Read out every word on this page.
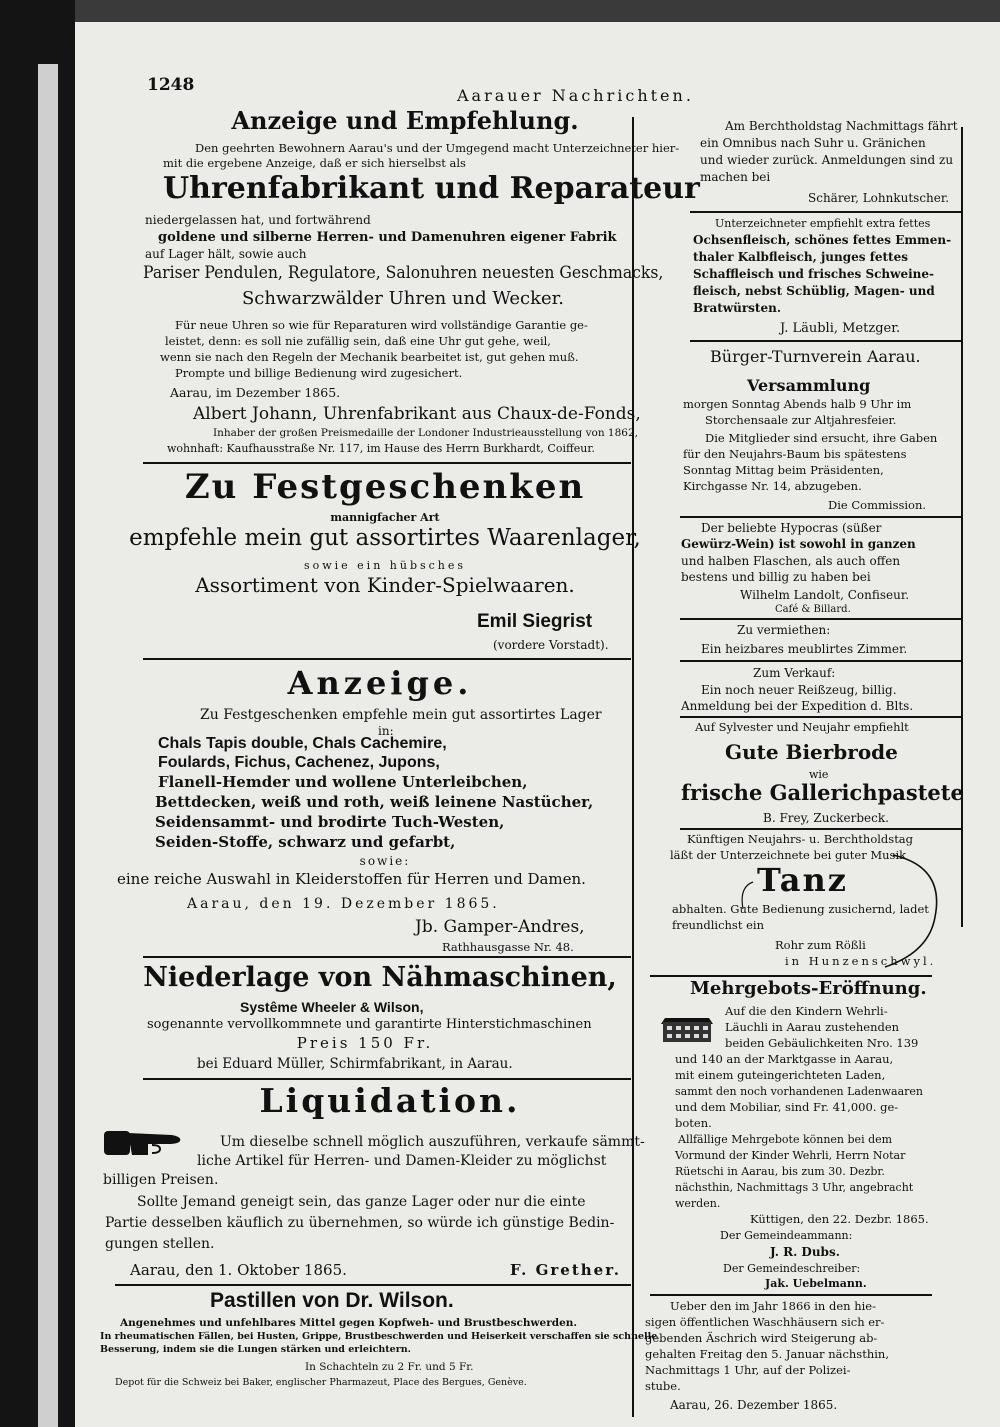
1248
Aarauer Nachrichten.
Anzeige und Empfehlung.
Den geehrten Bewohnern Aarau's und der Umgegend macht Unterzeichneter hier-
mit die ergebene Anzeige, daß er sich hierselbst als
Uhrenfabrikant und Reparateur
niedergelassen hat, und fortwährend
goldene und silberne Herren- und Damenuhren eigener Fabrik
auf Lager hält, sowie auch
Pariser Pendulen, Regulatore, Salonuhren neuesten Geschmacks,
Schwarzwälder Uhren und Wecker.
Für neue Uhren so wie für Reparaturen wird vollständige Garantie ge-
leistet, denn: es soll nie zufällig sein, daß eine Uhr gut gehe, weil,
wenn sie nach den Regeln der Mechanik bearbeitet ist, gut gehen muß.
Prompte und billige Bedienung wird zugesichert.
Aarau, im Dezember 1865.
Albert Johann, Uhrenfabrikant aus Chaux-de-Fonds,
Inhaber der großen Preismedaille der Londoner Industrieausstellung von 1862,
wohnhaft: Kaufhausstraße Nr. 117, im Hause des Herrn Burkhardt, Coiffeur.
Zu Festgeschenken
mannigfacher Art
empfehle mein gut assortirtes Waarenlager,
sowie ein hübsches
Assortiment von Kinder-Spielwaaren.
Emil Siegrist
(vordere Vorstadt).
Anzeige.
Zu Festgeschenken empfehle mein gut assortirtes Lager
in:
Chals Tapis double, Chals Cachemire,
Foulards, Fichus, Cachenez, Jupons,
Flanell-Hemder und wollene Unterleibchen,
Bettdecken, weiß und roth, weiß leinene Nastücher,
Seidensammt- und brodirte Tuch-Westen,
Seiden-Stoffe, schwarz und gefarbt,
sowie:
eine reiche Auswahl in Kleiderstoffen für Herren und Damen.
Aarau, den 19. Dezember 1865.
Jb. Gamper-Andres,
Rathhausgasse Nr. 48.
Niederlage von Nähmaschinen,
Systême Wheeler & Wilson,
sogenannte vervollkommnete und garantirte Hinterstichmaschinen
Preis 150 Fr.
bei Eduard Müller, Schirmfabrikant, in Aarau.
Liquidation.
Um dieselbe schnell möglich auszuführen, verkaufe sämmt-
liche Artikel für Herren- und Damen-Kleider zu möglichst
billigen Preisen.
Sollte Jemand geneigt sein, das ganze Lager oder nur die einte
Partie desselben käuflich zu übernehmen, so würde ich günstige Bedin-
gungen stellen.
Aarau, den 1. Oktober 1865.	F. Grether.
Pastillen von Dr. Wilson.
Angenehmes und unfehlbares Mittel gegen Kopfweh- und Brustbeschwerden.
In rheumatischen Fällen, bei Husten, Grippe, Brustbeschwerden und Heiserkeit verschaffen sie schnelle
Besserung, indem sie die Lungen stärken und erleichtern.
In Schachteln zu 2 Fr. und 5 Fr.
Depot für die Schweiz bei Baker, englischer Pharmazeut, Place des Bergues, Genève.
Am Berchtholdstag Nachmittags fährt
ein Omnibus nach Suhr u. Gränichen
und wieder zurück. Anmeldungen sind zu
machen bei
Schärer, Lohnkutscher.
Unterzeichneter empfiehlt extra fettes
Ochsenfleisch, schönes fettes Emmen-
thaler Kalbfleisch, junges fettes
Schaffleisch und frisches Schweine-
fleisch, nebst Schüblig, Magen- und
Bratwürsten.
J. Läubli, Metzger.
Bürger-Turnverein Aarau.
Versammlung
morgen Sonntag Abends halb 9 Uhr im
Storchensaale zur Altjahresfeier.
Die Mitglieder sind ersucht, ihre Gaben
für den Neujahrs-Baum bis spätestens
Sonntag Mittag beim Präsidenten,
Kirchgasse Nr. 14, abzugeben.
Die Commission.
Der beliebte Hypocras (süßer
Gewürz-Wein) ist sowohl in ganzen
und halben Flaschen, als auch offen
bestens und billig zu haben bei
Wilhelm Landolt, Confiseur.
Café & Billard.
Zu vermiethen:
Ein heizbares meublirtes Zimmer.
Zum Verkauf:
Ein noch neuer Reißzeug, billig.
Anmeldung bei der Expedition d. Blts.
Auf Sylvester und Neujahr empfiehlt
Gute Bierbrode
wie
frische Gallerichpastete
B. Frey, Zuckerbeck.
Künftigen Neujahrs- u. Berchtholdstag
läßt der Unterzeichnete bei guter Musik
Tanz
abhalten. Gute Bedienung zusichernd, ladet
freundlichst ein
Rohr zum Rößli
in Hunzenschwyl.
Mehrgebots-Eröffnung.
Auf die den Kindern Wehrli-
Läuchli in Aarau zustehenden
beiden Gebäulichkeiten Nro. 139
und 140 an der Marktgasse in Aarau,
mit einem guteingerichteten Laden,
sammt den noch vorhandenen Ladenwaaren
und dem Mobiliar, sind Fr. 41,000. ge-
boten.
Allfällige Mehrgebote können bei dem
Vormund der Kinder Wehrli, Herrn Notar
Rüetschi in Aarau, bis zum 30. Dezbr.
nächsthin, Nachmittags 3 Uhr, angebracht
werden.
Küttigen, den 22. Dezbr. 1865.
Der Gemeindeammann:
J. R. Dubs.
Der Gemeindeschreiber:
Jak. Uebelmann.
Ueber den im Jahr 1866 in den hie-
sigen öffentlichen Waschhäusern sich er-
gebenden Äschrich wird Steigerung ab-
gehalten Freitag den 5. Januar nächsthin,
Nachmittags 1 Uhr, auf der Polizei-
stube.
Aarau, 26. Dezember 1865.
